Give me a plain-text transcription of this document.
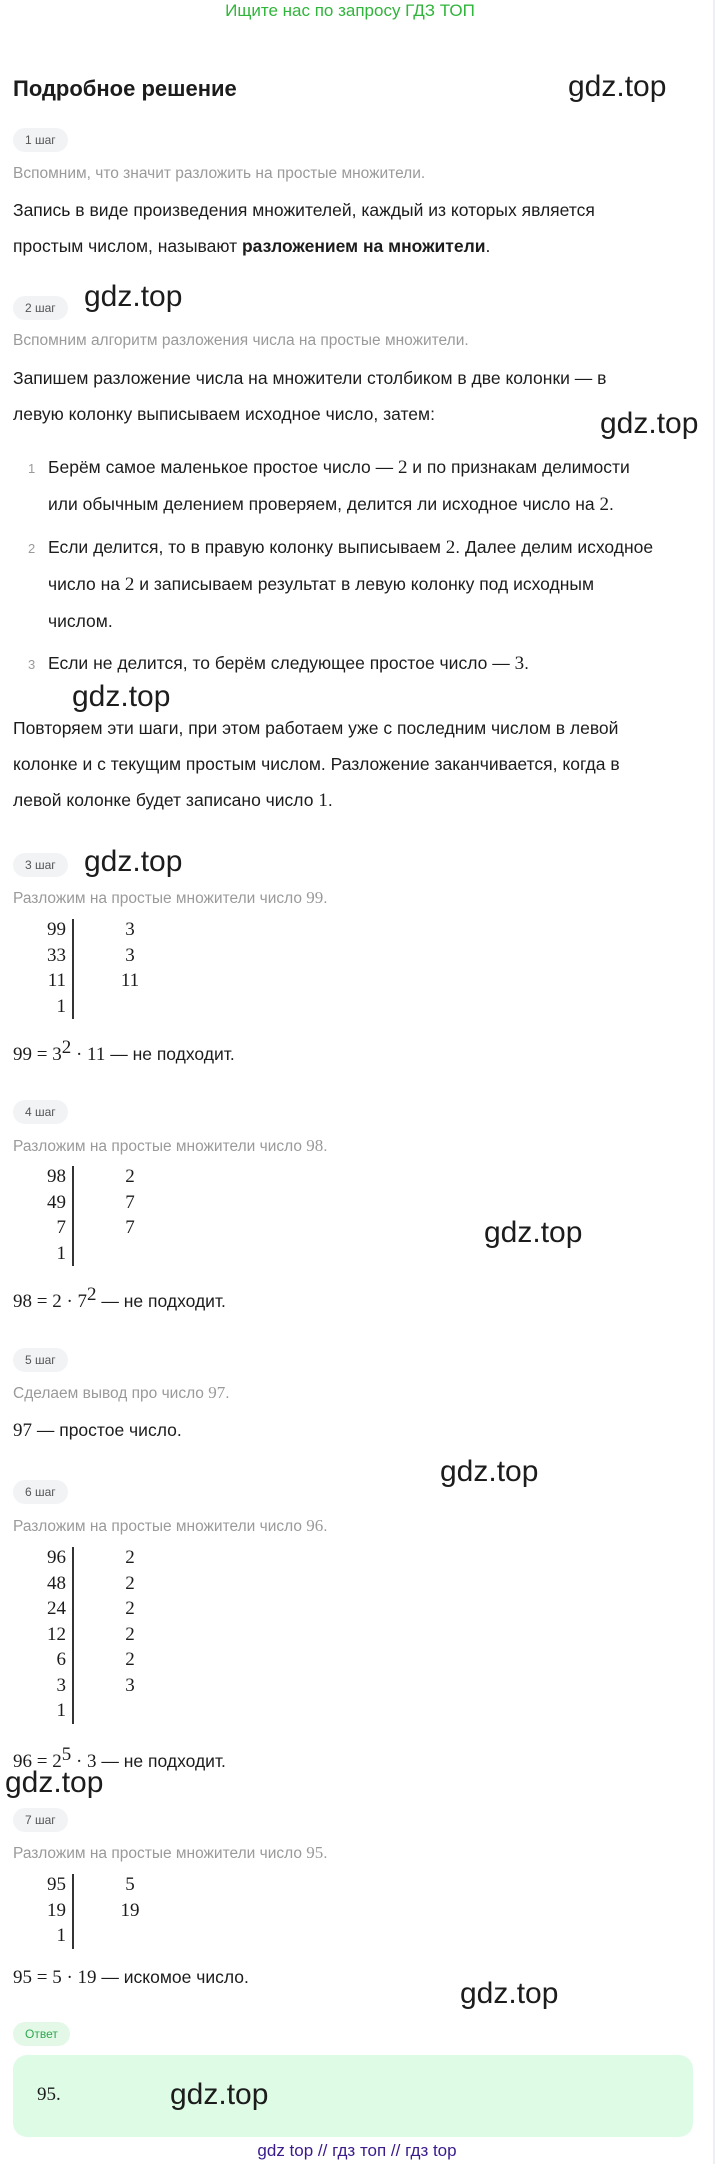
Ищите нас по запросу ГДЗ ТОП
Подробное решение	gdz.top
1 шаг
Вспомним, что значит разложить на простые множители.
Запись в виде произведения множителей, каждый из которых является
простым числом, называют разложением на множители.
2 шаг gdz.top
Вспомним алгоритм разложения числа на простые множители.
Запишем разложение числа на множители столбиком в две колонки — в
левую колонку выписываем исходное число, затем:	gdz.top
1 Берём самое маленькое простое число — 2 и по признакам делимости
или обычным делением проверяем, делится ли исходное число на 2.
2 Если делится, то в правую колонку выписываем 2. Далее делим исходное
число на 2 и записываем результат в левую колонку под исходным
числом.
3 Если не делится, то берём следующее простое число — 3.
gdz.top
Повторяем эти шаги, при этом работаем уже с последним числом в левой
колонке и с текущим простым числом. Разложение заканчивается, когда в
левой колонке будет записано число 1.
3 шаг gdz.top
Разложим на простые множители число 99.
99	3
33	3
11	11
1
$99 = 3^2 \cdot 11$ — не подходит.
4 шаг
Разложим на простые множители число 98.
98	2
49	7
7	7
1
gdz.top
$98 = 2 \cdot 7^2$ — не подходит.
5 шаг
Сделаем вывод про число 97.
97 — простое число.
gdz.top
6 шаг
Разложим на простые множители число 96.
96	2
48	2
24	2
12	2
6	2
3	3
1
$96 = 2^5 \cdot 3$ — не подходит.
gdz.top
7 шаг
Разложим на простые множители число 95.
95	5
19	19
1
95 = 5 · 19 — искомое число.	gdz.top
Ответ
95.	gdz.top
gdz top // гдз топ // гдз top
